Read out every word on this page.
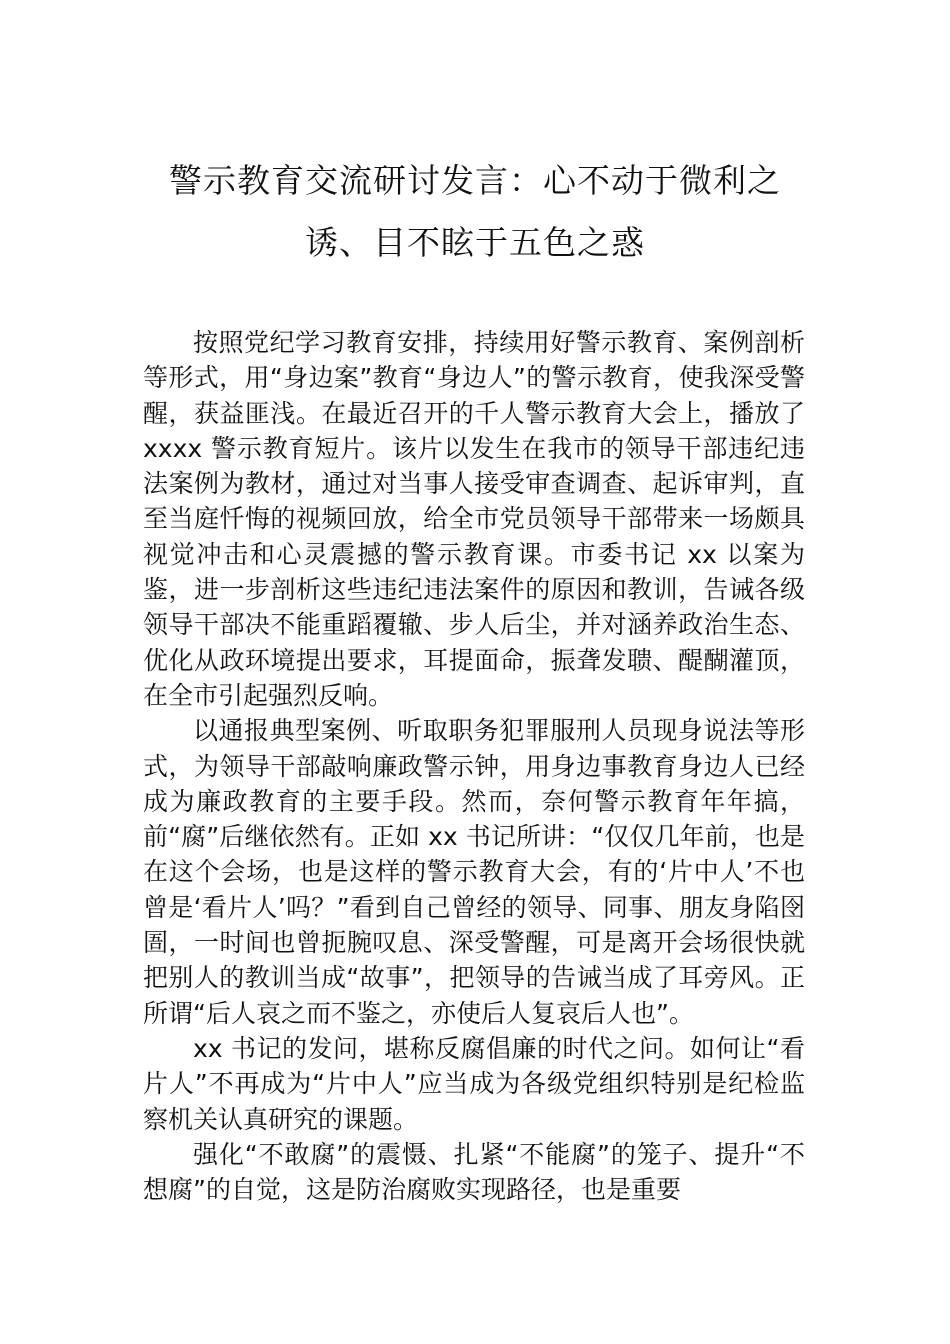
警示教育交流研讨发言：心不动于微利之
诱、目不眩于五色之惑

按照党纪学习教育安排，持续用好警示教育、案例剖析等形式，用“身边案”教育“身边人”的警示教育，使我深受警醒，获益匪浅。在最近召开的千人警示教育大会上，播放了 xxxx 警示教育短片。该片以发生在我市的领导干部违纪违法案例为教材，通过对当事人接受审查调查、起诉审判，直至当庭忏悔的视频回放，给全市党员领导干部带来一场颇具视觉冲击和心灵震撼的警示教育课。市委书记 xx 以案为鉴，进一步剖析这些违纪违法案件的原因和教训，告诫各级领导干部决不能重蹈覆辙、步人后尘，并对涵养政治生态、优化从政环境提出要求，耳提面命，振聋发聩、醍醐灌顶，在全市引起强烈反响。

以通报典型案例、听取职务犯罪服刑人员现身说法等形式，为领导干部敲响廉政警示钟，用身边事教育身边人已经成为廉政教育的主要手段。然而，奈何警示教育年年搞，前“腐”后继依然有。正如 xx 书记所讲：“仅仅几年前，也是在这个会场，也是这样的警示教育大会，有的‘片中人’不也曾是‘看片人’吗？”看到自己曾经的领导、同事、朋友身陷囹圄，一时间也曾扼腕叹息、深受警醒，可是离开会场很快就把别人的教训当成“故事”，把领导的告诫当成了耳旁风。正所谓“后人哀之而不鉴之，亦使后人复哀后人也”。

xx 书记的发问，堪称反腐倡廉的时代之问。如何让“看片人”不再成为“片中人”应当成为各级党组织特别是纪检监察机关认真研究的课题。

强化“不敢腐”的震慑、扎紧“不能腐”的笼子、提升“不想腐”的自觉，这是防治腐败实现路径，也是重要
